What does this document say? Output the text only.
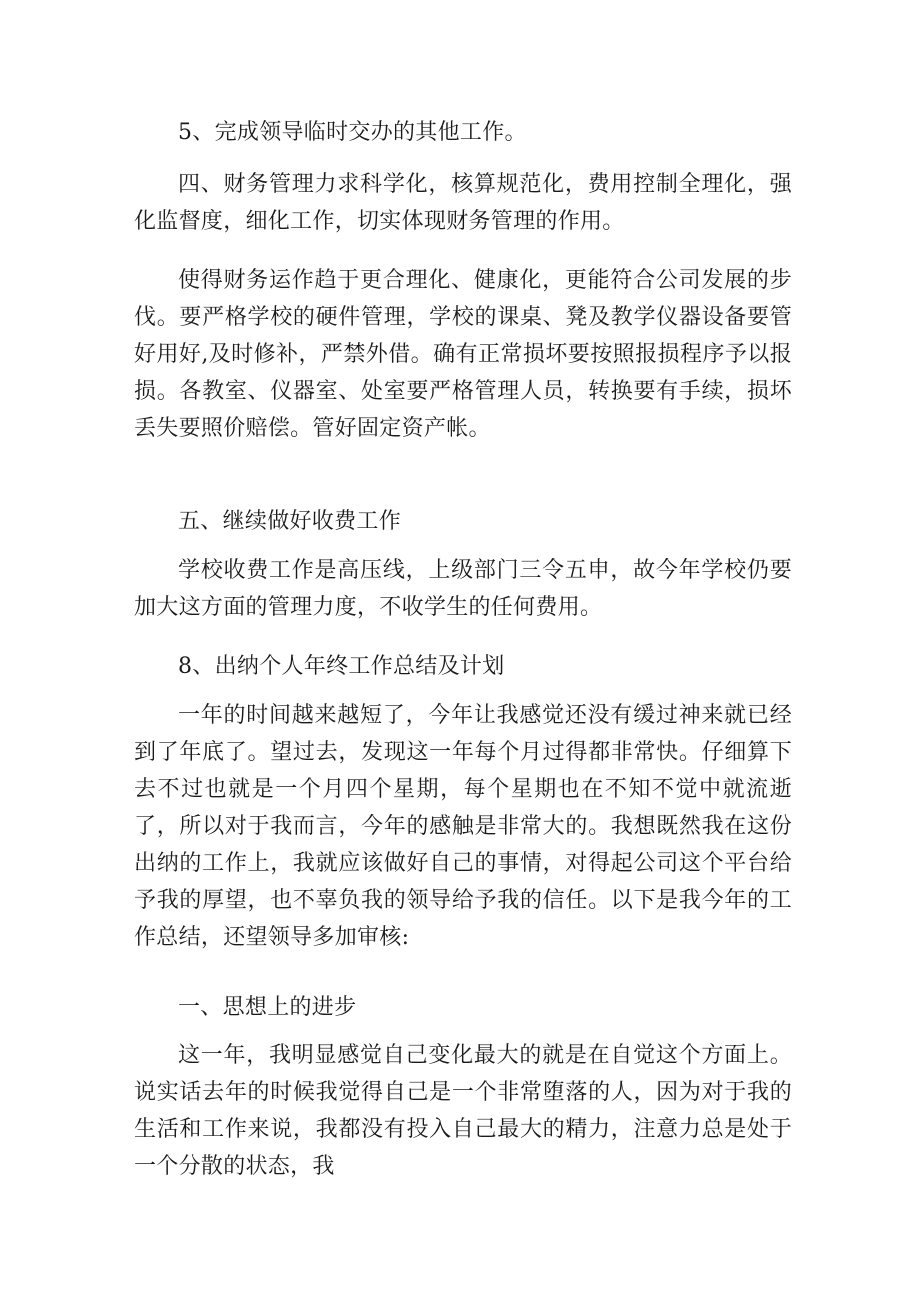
5、完成领导临时交办的其他工作。

四、财务管理力求科学化，核算规范化，费用控制全理化，强化监督度，细化工作，切实体现财务管理的作用。

使得财务运作趋于更合理化、健康化，更能符合公司发展的步伐。要严格学校的硬件管理，学校的课桌、凳及教学仪器设备要管好用好,及时修补，严禁外借。确有正常损坏要按照报损程序予以报损。各教室、仪器室、处室要严格管理人员，转换要有手续，损坏丢失要照价赔偿。管好固定资产帐。

五、继续做好收费工作

学校收费工作是高压线，上级部门三令五申，故今年学校仍要加大这方面的管理力度，不收学生的任何费用。

8、出纳个人年终工作总结及计划

一年的时间越来越短了，今年让我感觉还没有缓过神来就已经到了年底了。望过去，发现这一年每个月过得都非常快。仔细算下去不过也就是一个月四个星期，每个星期也在不知不觉中就流逝了，所以对于我而言，今年的感触是非常大的。我想既然我在这份出纳的工作上，我就应该做好自己的事情，对得起公司这个平台给予我的厚望，也不辜负我的领导给予我的信任。以下是我今年的工作总结，还望领导多加审核:

一、思想上的进步

这一年，我明显感觉自己变化最大的就是在自觉这个方面上。说实话去年的时候我觉得自己是一个非常堕落的人，因为对于我的生活和工作来说，我都没有投入自己最大的精力，注意力总是处于一个分散的状态，我
